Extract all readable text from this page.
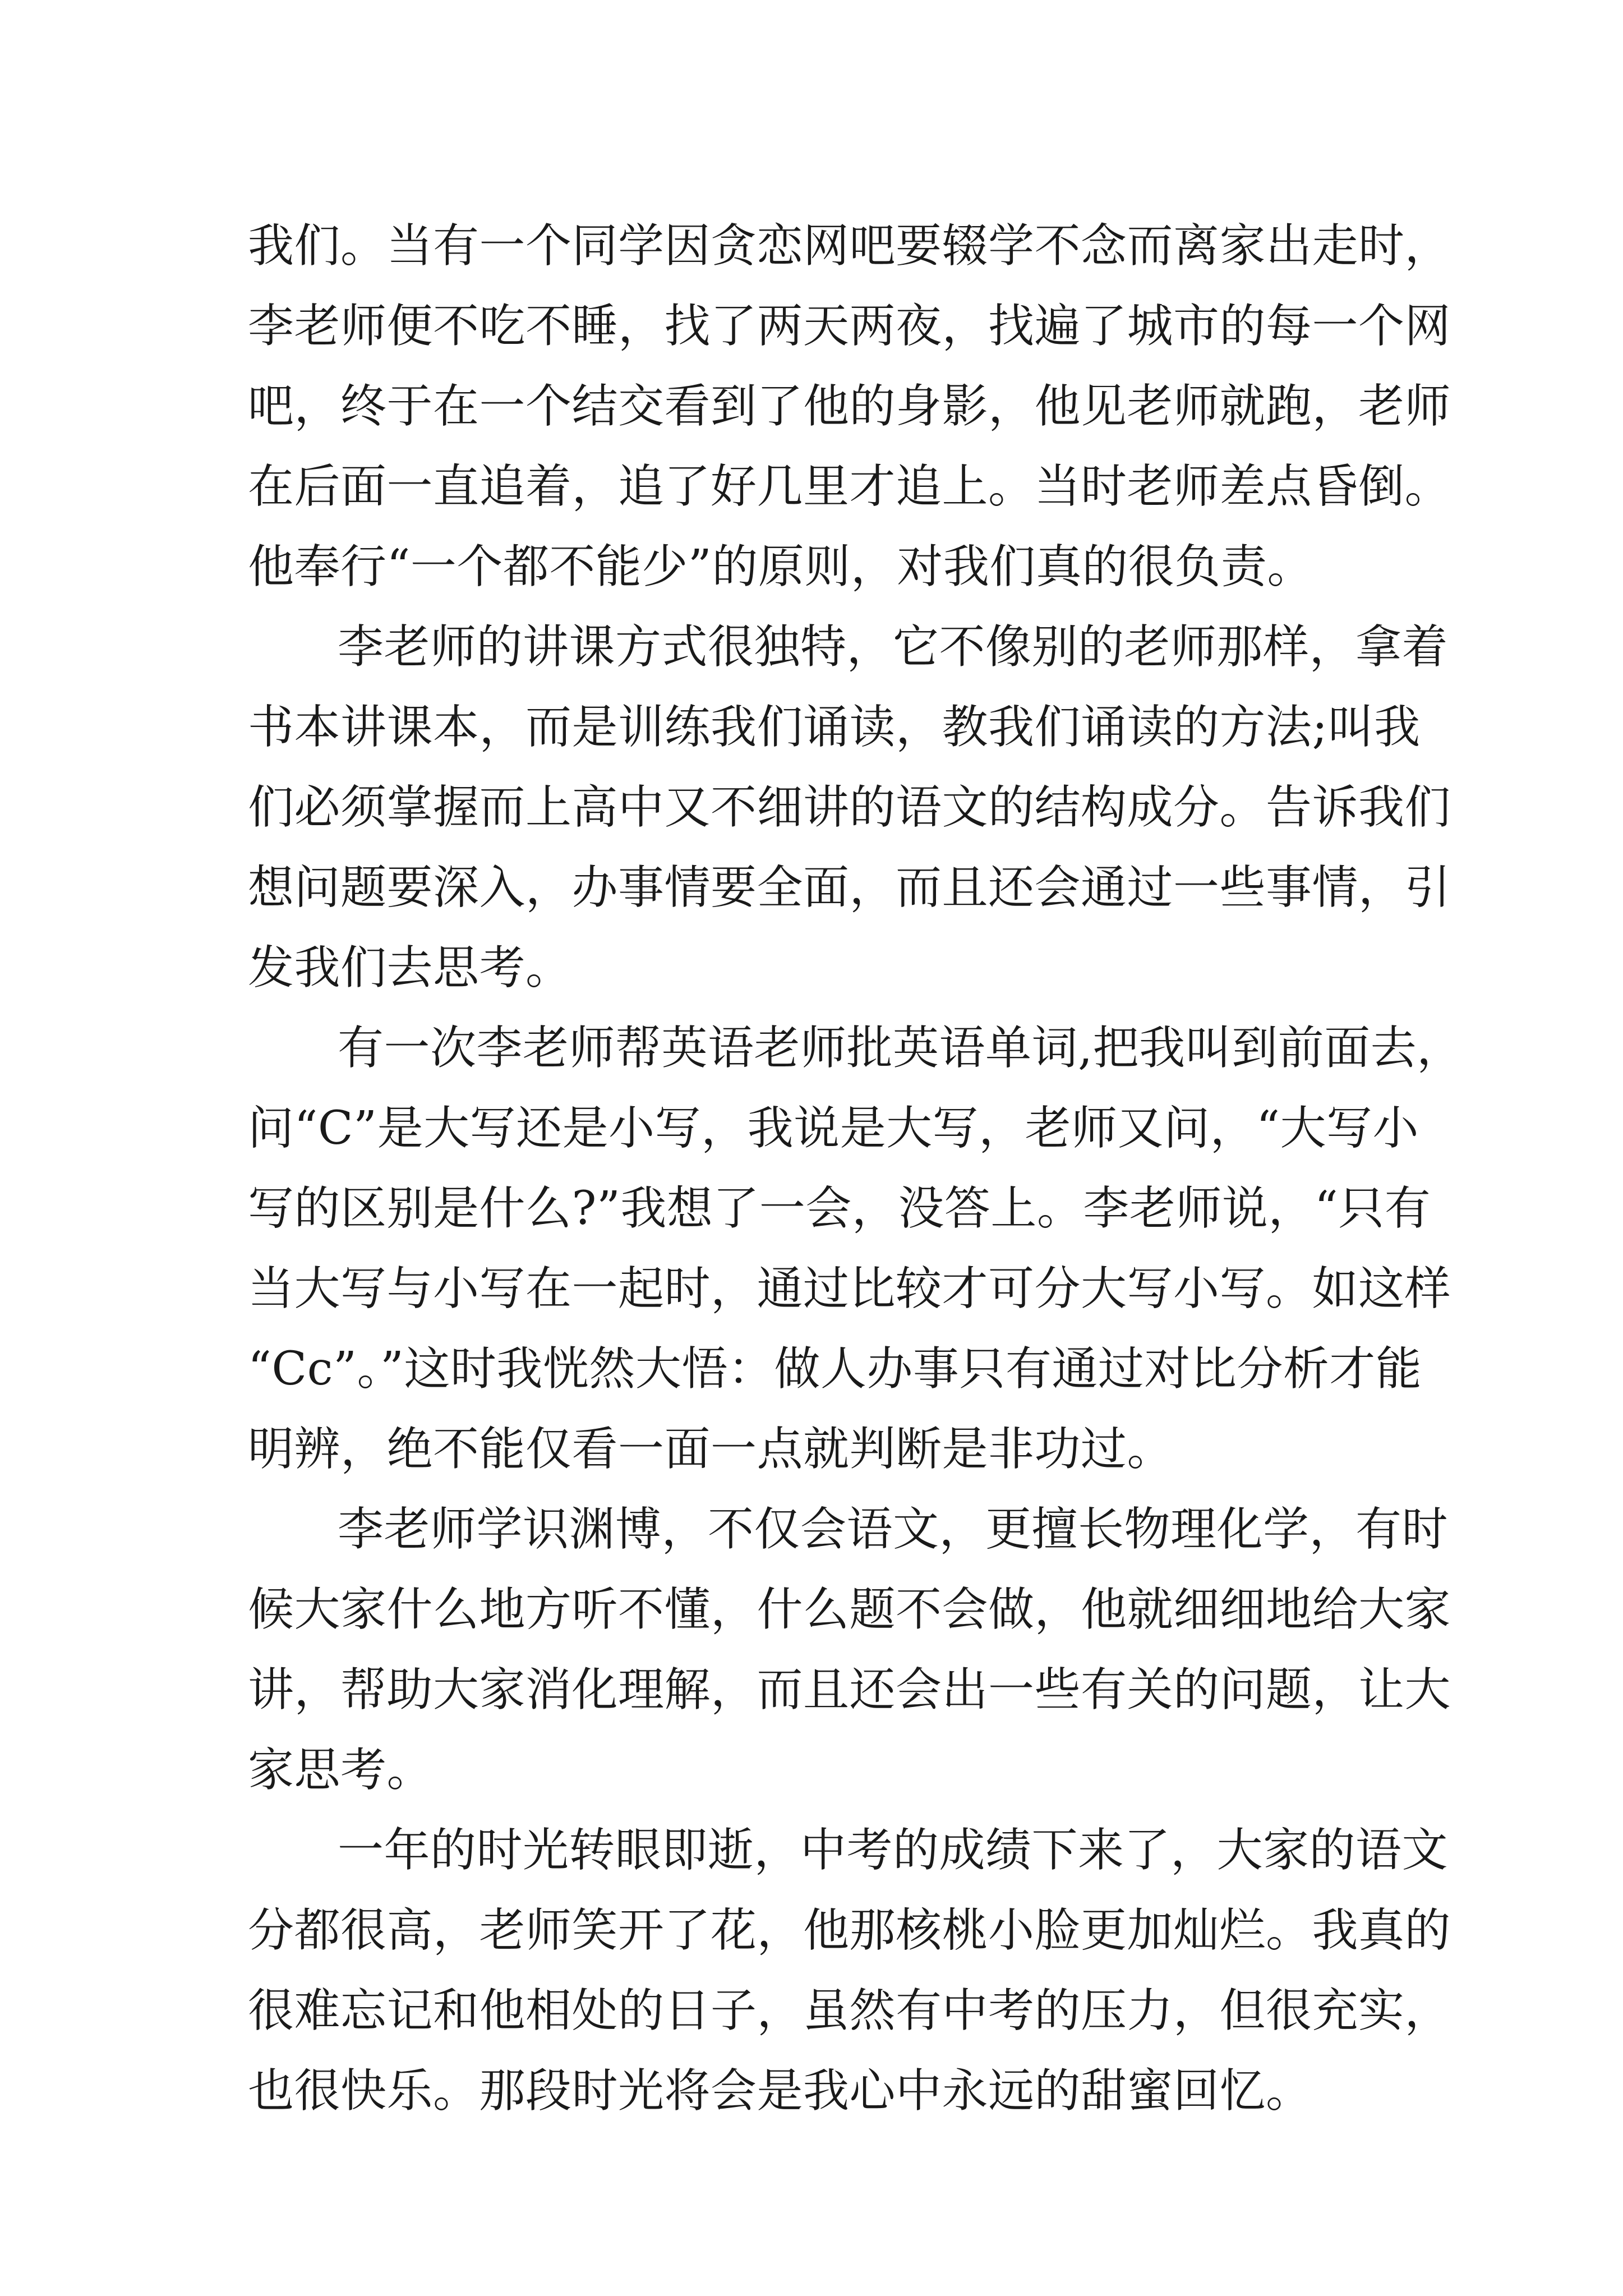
我们。当有一个同学因贪恋网吧要辍学不念而离家出走时，
李老师便不吃不睡，找了两天两夜，找遍了城市的每一个网
吧，终于在一个结交看到了他的身影，他见老师就跑，老师
在后面一直追着，追了好几里才追上。当时老师差点昏倒。
他奉行“一个都不能少”的原则，对我们真的很负责。
李老师的讲课方式很独特，它不像别的老师那样，拿着
书本讲课本，而是训练我们诵读，教我们诵读的方法;叫我
们必须掌握而上高中又不细讲的语文的结构成分。告诉我们
想问题要深入，办事情要全面，而且还会通过一些事情，引
发我们去思考。
有一次李老师帮英语老师批英语单词,把我叫到前面去，
问“C”是大写还是小写，我说是大写，老师又问，“大写小
写的区别是什么?”我想了一会，没答上。李老师说，“只有
当大写与小写在一起时，通过比较才可分大写小写。如这样
“Cc”。”这时我恍然大悟：做人办事只有通过对比分析才能
明辨，绝不能仅看一面一点就判断是非功过。
李老师学识渊博，不仅会语文，更擅长物理化学，有时
候大家什么地方听不懂，什么题不会做，他就细细地给大家
讲，帮助大家消化理解，而且还会出一些有关的问题，让大
家思考。
一年的时光转眼即逝，中考的成绩下来了，大家的语文
分都很高，老师笑开了花，他那核桃小脸更加灿烂。我真的
很难忘记和他相处的日子，虽然有中考的压力，但很充实，
也很快乐。那段时光将会是我心中永远的甜蜜回忆。
